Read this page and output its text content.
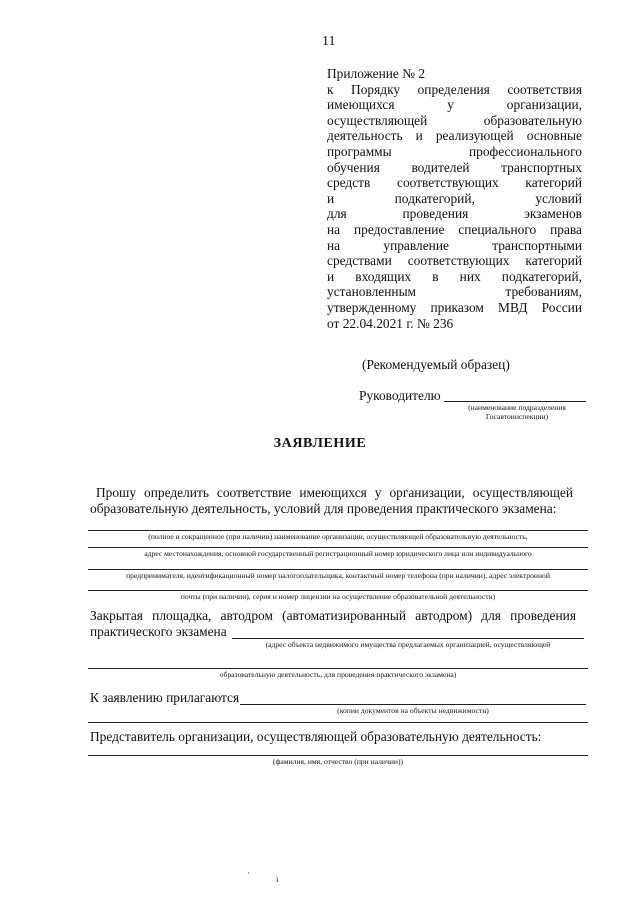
11
Приложение № 2
к Порядку определения соответствия
имеющихся у организации,
осуществляющей образовательную
деятельность и реализующей основные
программы профессионального
обучения водителей транспортных
средств соответствующих категорий
и подкатегорий, условий
для проведения экзаменов
на предоставление специального права
на управление транспортными
средствами соответствующих категорий
и входящих в них подкатегорий,
установленным требованиям,
утвержденному приказом МВД России
от 22.04.2021 г. № 236
(Рекомендуемый образец)
Руководителю
(наименование подразделения
Госавтоинспекции)
ЗАЯВЛЕНИЕ
Прошу определить соответствие имеющихся у организации, осуществляющей образовательную деятельность, условий для проведения практического экзамена:
(полное и сокращенное (при наличии) наименование организации, осуществляющей образовательную деятельность,
адрес местонахождения, основной государственный регистрационный номер юридического лица или индивидуального
предпринимателя, идентификационный номер налогоплательщика, контактный номер телефона (при наличии), адрес электронной
почты (при наличии), серия и номер лицензии на осуществление образовательной деятельности)
Закрытая площадка, автодром (автоматизированный автодром) для проведения
практического экзамена
(адрес объекта недвижимого имущества предлагаемых организацией, осуществляющей
образовательную деятельность, для проведения практического экзамена)
К заявлению прилагаются
(копии документов на объекты недвижимости)
Представитель организации, осуществляющей образовательную деятельность:
(фамилия, имя, отчество (при наличии))
·
ı
